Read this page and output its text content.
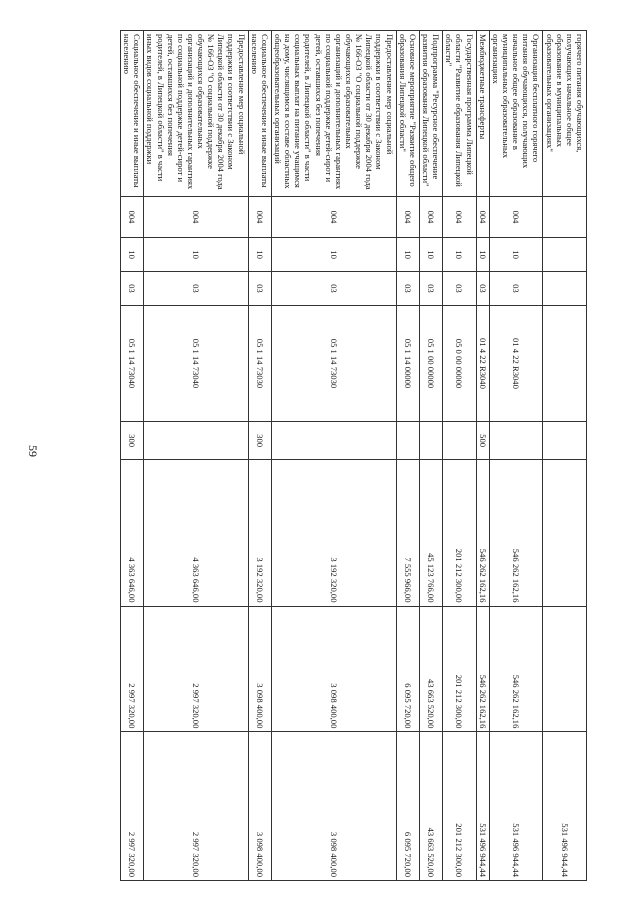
59
горячего питания обучающихся, получающих начальное общее образование в муниципальных образовательных организациях"								531 496 944,44
Организация бесплатного горячего питания обучающихся, получающих начальное общее образование в муниципальных образовательных организациях	004	10	03	01 4 22 R3040		546 262 162,16	546 262 162,16	531 496 944,44
Межбюджетные трансферты	004	10	03	01 4 22 R3040	500	546 262 162,16	546 262 162,16	531 496 944,44
Государственная программа Липецкой области "Развитие образования Липецкой области"	004	10	03	05 0 00 00000		201 212 300,00	201 212 300,00	201 212 300,00
Подпрограмма "Ресурсное обеспечение развития образования Липецкой области"	004	10	03	05 1 00 00000		45 123 766,00	43 663 520,00	43 663 520,00
Основное мероприятие "Развитие общего образования Липецкой области"	004	10	03	05 1 14 00000		7 555 966,00	6 095 720,00	6 095 720,00
Предоставление мер социальной поддержки в соответствии с Законом Липецкой области от 30 декабря 2004 года № 166-ОЗ "О социальной поддержке обучающихся образовательных организаций и дополнительных гарантиях по социальной поддержке детей-сирот и детей, оставшихся без попечения родителей, в Липецкой области" в части социальных выплат на питание учащимся на дому, числящимся в составе областных общеобразовательных организаций	004	10	03	05 1 14 73030		3 192 320,00	3 098 400,00	3 098 400,00
Социальное обеспечение и иные выплаты населению	004	10	03	05 1 14 73030	300	3 192 320,00	3 098 400,00	3 098 400,00
Предоставление мер социальной поддержки в соответствии с Законом Липецкой области от 30 декабря 2004 года № 166-ОЗ "О социальной поддержке обучающихся образовательных организаций и дополнительных гарантиях по социальной поддержке детей-сирот и детей, оставшихся без попечения родителей, в Липецкой области" в части иных видов социальной поддержки	004	10	03	05 1 14 73040		4 363 646,00	2 997 320,00	2 997 320,00
Социальное обеспечение и иные выплаты населению	004	10	03	05 1 14 73040	300	4 363 646,00	2 997 320,00	2 997 320,00
